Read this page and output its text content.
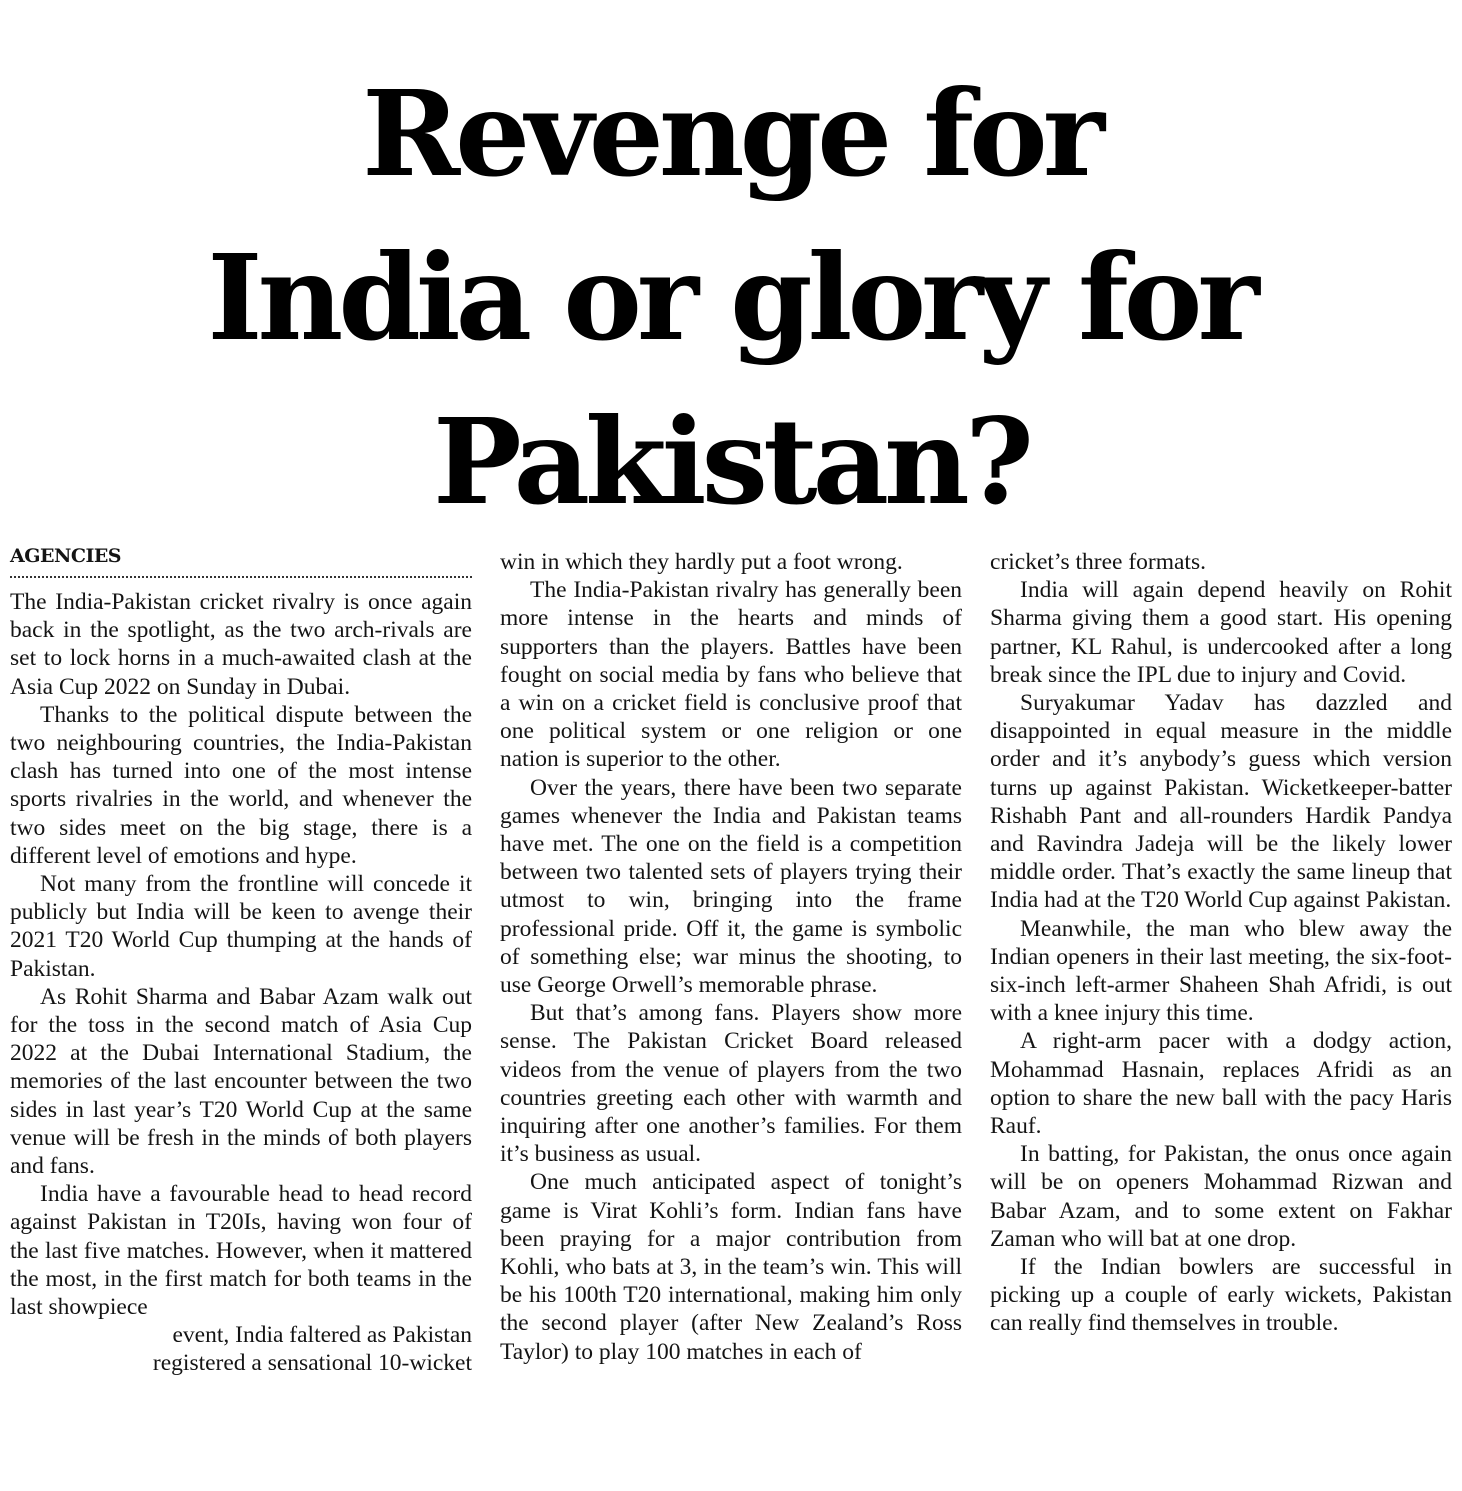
Revenge for
India or glory for
Pakistan?

AGENCIES

The India-Pakistan cricket rivalry is once again back in the spotlight, as the two arch-rivals are set to lock horns in a much-awaited clash at the Asia Cup 2022 on Sunday in Dubai.

Thanks to the political dispute between the two neighbouring countries, the India-Pakistan clash has turned into one of the most intense sports rivalries in the world, and whenever the two sides meet on the big stage, there is a different level of emotions and hype.

Not many from the frontline will concede it publicly but India will be keen to avenge their 2021 T20 World Cup thumping at the hands of Pakistan.

As Rohit Sharma and Babar Azam walk out for the toss in the second match of Asia Cup 2022 at the Dubai International Stadium, the memories of the last encounter between the two sides in last year’s T20 World Cup at the same venue will be fresh in the minds of both players and fans.

India have a favourable head to head record against Pakistan in T20Is, having won four of the last five matches. However, when it mattered the most, in the first match for both teams in the last showpiece

event, India faltered as Pakistan

registered a sensational 10-wicket

win in which they hardly put a foot wrong.

The India-Pakistan rivalry has generally been more intense in the hearts and minds of supporters than the players. Battles have been fought on social media by fans who believe that a win on a cricket field is conclusive proof that one political system or one religion or one nation is superior to the other.

Over the years, there have been two separate games whenever the India and Pakistan teams have met. The one on the field is a competition between two talented sets of players trying their utmost to win, bringing into the frame professional pride. Off it, the game is symbolic of something else; war minus the shooting, to use George Orwell’s memorable phrase.

But that’s among fans. Players show more sense. The Pakistan Cricket Board released videos from the venue of players from the two countries greeting each other with warmth and inquiring after one another’s families. For them it’s business as usual.

One much anticipated aspect of tonight’s game is Virat Kohli’s form. Indian fans have been praying for a major contribution from Kohli, who bats at 3, in the team’s win. This will be his 100th T20 international, making him only the second player (after New Zealand’s Ross Taylor) to play 100 matches in each of

cricket’s three formats.

India will again depend heavily on Rohit Sharma giving them a good start. His opening partner, KL Rahul, is undercooked after a long break since the IPL due to injury and Covid.

Suryakumar Yadav has dazzled and disappointed in equal measure in the middle order and it’s anybody’s guess which version turns up against Pakistan. Wicketkeeper-batter Rishabh Pant and all-rounders Hardik Pandya and Ravindra Jadeja will be the likely lower middle order. That’s exactly the same lineup that India had at the T20 World Cup against Pakistan.

Meanwhile, the man who blew away the Indian openers in their last meeting, the six-foot-six-inch left-armer Shaheen Shah Afridi, is out with a knee injury this time.

A right-arm pacer with a dodgy action, Mohammad Hasnain, replaces Afridi as an option to share the new ball with the pacy Haris Rauf.

In batting, for Pakistan, the onus once again will be on openers Mohammad Rizwan and Babar Azam, and to some extent on Fakhar Zaman who will bat at one drop.

If the Indian bowlers are successful in picking up a couple of early wickets, Pakistan can really find themselves in trouble.
